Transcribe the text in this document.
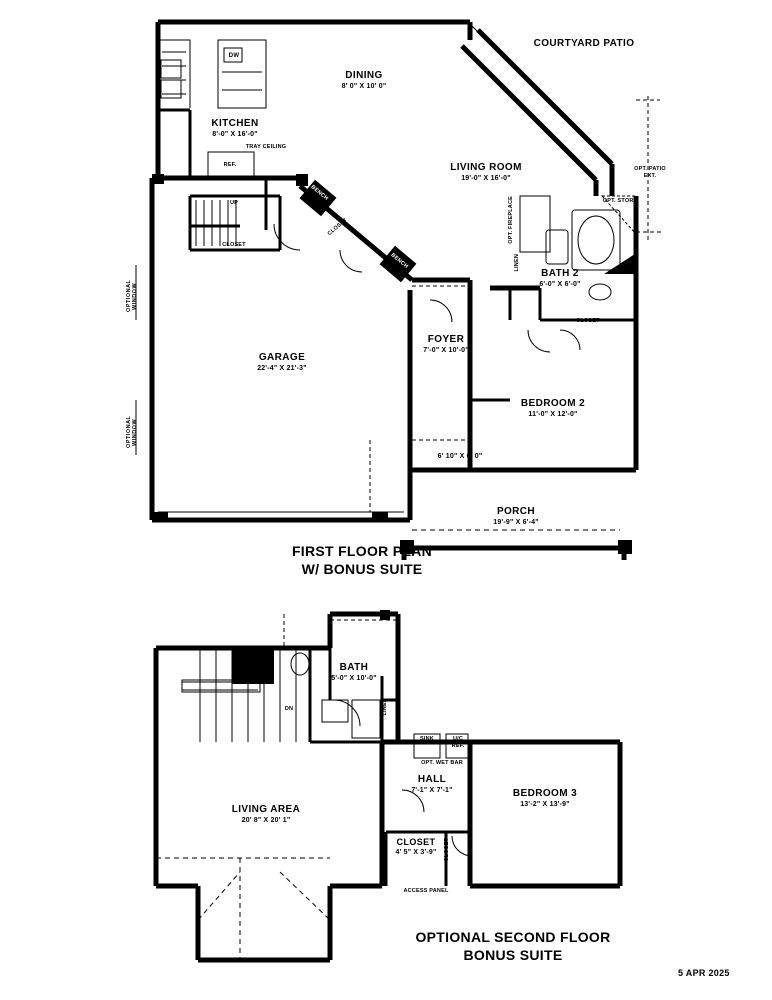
DINING
8' 0" X 10' 0"
KITCHEN
8'-0" X 16'-0"
LIVING ROOM
19'-0" X 16'-0"
GARAGE
22'-4" X 21'-3"
FOYER
7'-0" X 10'-0"
BATH 2
6'-0" X 6'-0"
BEDROOM 2
11'-0" X 12'-0"
PORCH
19'-9" X 6'-4"
COURTYARD PATIO
TRAY CEILING
REF.
DW
UP
CLOSET
CLOSET
CLOSET
BENCH
BENCH
OPT. FIREPLACE	OPT. STOR.
OPT. PATIO EXT.
LINEN
OPTIONAL WINDOW
OPTIONAL WINDOW
6' 10" X 6' 0"
FIRST FLOOR PLAN
W/ BONUS SUITE
BATH
5'-0" X 10'-0"
LIVING AREA
20' 8" X 20' 1"
HALL
7'-1" X 7'-1"	BEDROOM 3
13'-2" X 13'-9"
CLOSET
4' 5" X 3'-9"
DN	LINEN
OPT. WET BAR
U/C REF.
CLOSET
ACCESS PANEL
SINK
OPTIONAL SECOND FLOOR
BONUS SUITE
5 APR 2025
